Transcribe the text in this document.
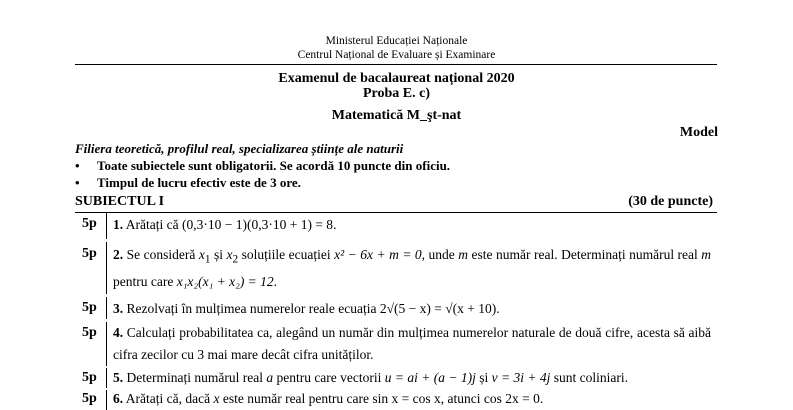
Ministerul Educației Naționale
Centrul Național de Evaluare și Examinare
Examenul de bacalaureat național 2020
Proba E. c)
Matematică M_şt-nat
Model
Filiera teoretică, profilul real, specializarea științe ale naturii
• Toate subiectele sunt obligatorii. Se acordă 10 puncte din oficiu.
• Timpul de lucru efectiv este de 3 ore.
SUBIECTUL I	(30 de puncte)
5p	1. Arătați că (0,3·10 − 1)(0,3·10 + 1) = 8.
5p	2. Se consideră $x_1$ și $x_2$ soluțiile ecuației x² − 6x + m = 0, unde m este număr real. Determinați numărul real m pentru care x₁x₂(x₁ + x₂) = 12.
5p	3. Rezolvați în mulțimea numerelor reale ecuația 2√(5 − x) = √(x + 10).
5p	4. Calculați probabilitatea ca, alegând un număr din mulțimea numerelor naturale de două cifre, acesta să aibă cifra zecilor cu 3 mai mare decât cifra unităților.
5p	5. Determinați numărul real a pentru care vectorii u = ai + (a − 1)j și v = 3i + 4j sunt coliniari.
5p	6. Arătați că, dacă x este număr real pentru care sin x = cos x, atunci cos 2x = 0.
